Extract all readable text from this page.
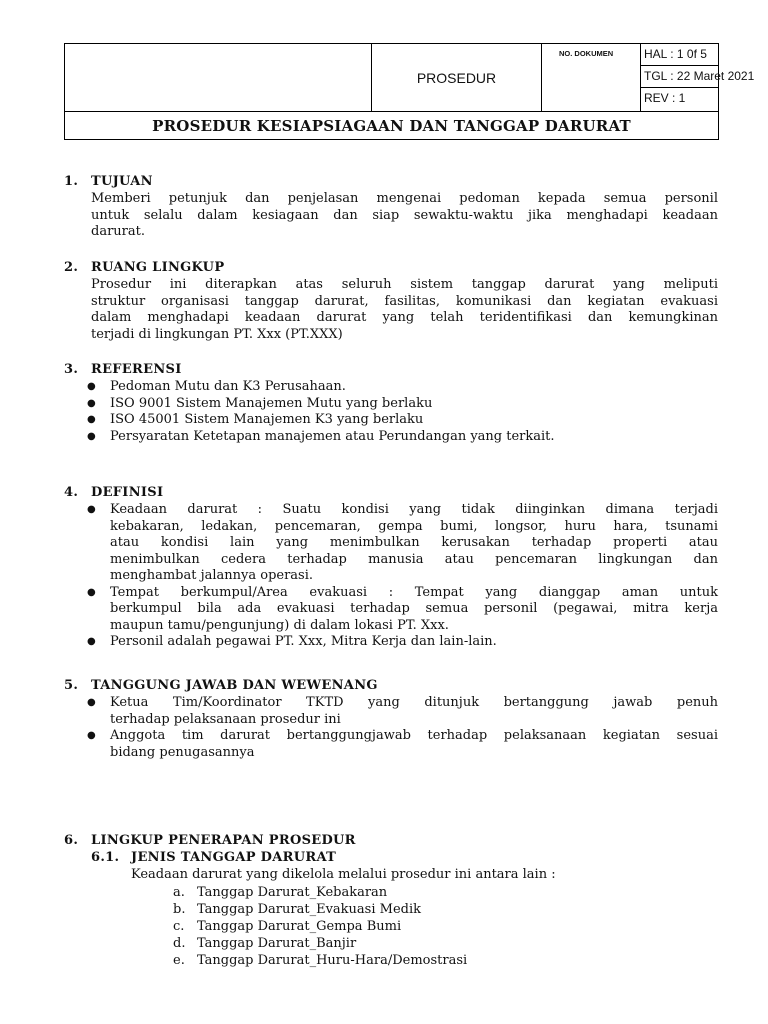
PROSEDUR
NO. DOKUMEN	HAL : 1 0f 5
TGL : 22 Maret 2021
REV : 1
PROSEDUR KESIAPSIAGAAN DAN TANGGAP DARURAT
1. TUJUAN
Memberi petunjuk dan penjelasan mengenai pedoman kepada semua personil
untuk selalu dalam kesiagaan dan siap sewaktu-waktu jika menghadapi keadaan
darurat.
2. RUANG LINGKUP
Prosedur ini diterapkan atas seluruh sistem tanggap darurat yang meliputi
struktur organisasi tanggap darurat, fasilitas, komunikasi dan kegiatan evakuasi
dalam menghadapi keadaan darurat yang telah teridentifikasi dan kemungkinan
terjadi di lingkungan PT. Xxx (PT.XXX)
3. REFERENSI
● Pedoman Mutu dan K3 Perusahaan.
● ISO 9001 Sistem Manajemen Mutu yang berlaku
● ISO 45001 Sistem Manajemen K3 yang berlaku
● Persyaratan Ketetapan manajemen atau Perundangan yang terkait.
4. DEFINISI
● Keadaan darurat : Suatu kondisi yang tidak diinginkan dimana terjadi
kebakaran, ledakan, pencemaran, gempa bumi, longsor, huru hara, tsunami
atau kondisi lain yang menimbulkan kerusakan terhadap properti atau
menimbulkan cedera terhadap manusia atau pencemaran lingkungan dan
menghambat jalannya operasi.
● Tempat berkumpul/Area evakuasi : Tempat yang dianggap aman untuk
berkumpul bila ada evakuasi terhadap semua personil (pegawai, mitra kerja
maupun tamu/pengunjung) di dalam lokasi PT. Xxx.
● Personil adalah pegawai PT. Xxx, Mitra Kerja dan lain-lain.
5. TANGGUNG JAWAB DAN WEWENANG
● Ketua Tim/Koordinator TKTD yang ditunjuk bertanggung jawab penuh
terhadap pelaksanaan prosedur ini
● Anggota tim darurat bertanggungjawab terhadap pelaksanaan kegiatan sesuai
bidang penugasannya
6. LINGKUP PENERAPAN PROSEDUR
6.1. JENIS TANGGAP DARURAT
Keadaan darurat yang dikelola melalui prosedur ini antara lain :
a. Tanggap Darurat_Kebakaran
b. Tanggap Darurat_Evakuasi Medik
c. Tanggap Darurat_Gempa Bumi
d. Tanggap Darurat_Banjir
e. Tanggap Darurat_Huru-Hara/Demostrasi
